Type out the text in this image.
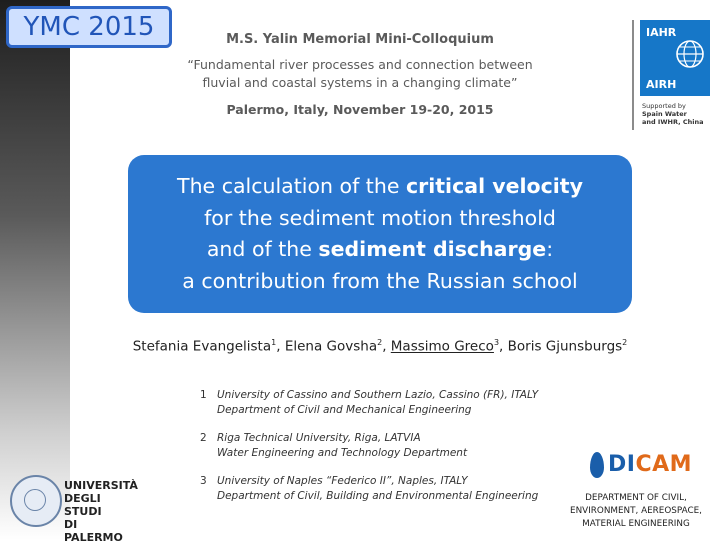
YMC 2015	M.S. Yalin Memorial Mini-Colloquium
“Fundamental river processes and connection between
fluvial and coastal systems in a changing climate”
Palermo, Italy, November 19-20, 2015
IAHR
AIRH
Supported by
Spain Water
and IWHR, China
The calculation of the critical velocity
for the sediment motion threshold
and of the sediment discharge:
a contribution from the Russian school
Stefania Evangelista$^1$, Elena Govsha$^2$, Massimo Greco$^3$, Boris Gjunsburgs$^2$
1 University of Cassino and Southern Lazio, Cassino (FR), ITALY
Department of Civil and Mechanical Engineering
2 Riga Technical University, Riga, LATVIA
Water Engineering and Technology Department
3 University of Naples “Federico II”, Naples, ITALY
Department of Civil, Building and Environmental Engineering
UNIVERSITÀ
DEGLI STUDI
DI PALERMO
DICAM
DEPARTMENT OF CIVIL,
ENVIRONMENT, AEREOSPACE,
MATERIAL ENGINEERING
